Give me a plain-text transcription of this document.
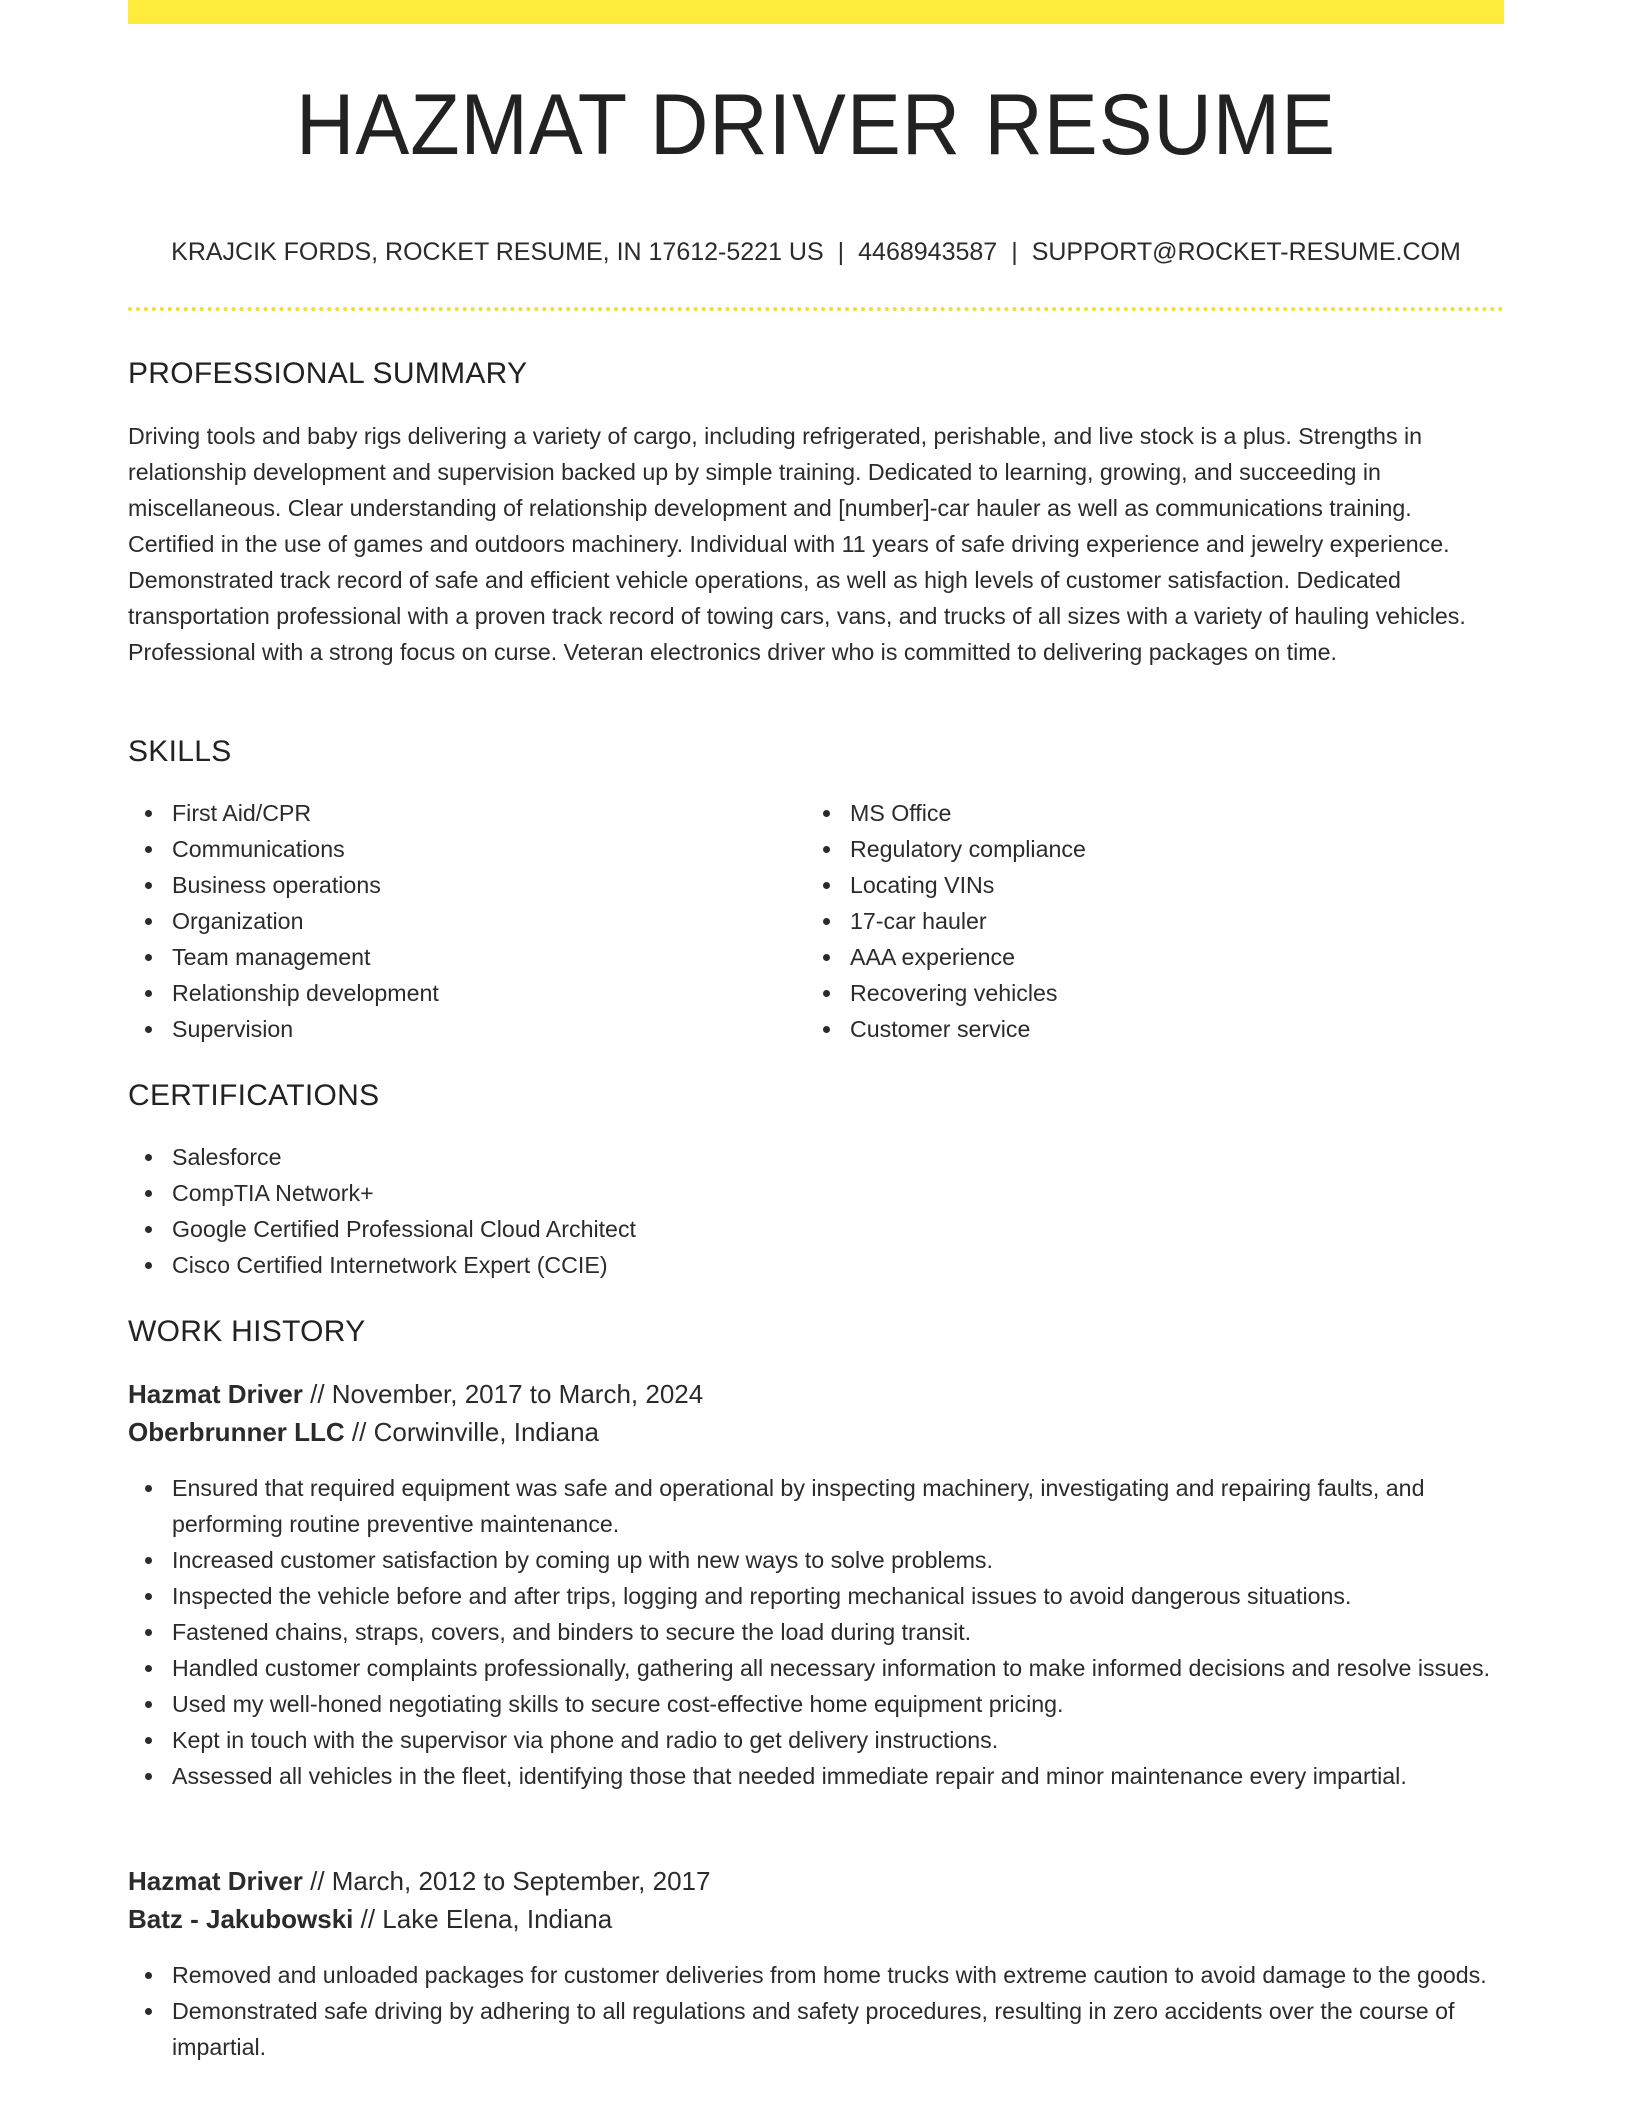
HAZMAT DRIVER RESUME
KRAJCIK FORDS, ROCKET RESUME, IN 17612-5221 US | 4468943587 | SUPPORT@ROCKET-RESUME.COM
PROFESSIONAL SUMMARY
Driving tools and baby rigs delivering a variety of cargo, including refrigerated, perishable, and live stock is a plus. Strengths in relationship development and supervision backed up by simple training. Dedicated to learning, growing, and succeeding in miscellaneous. Clear understanding of relationship development and [number]-car hauler as well as communications training. Certified in the use of games and outdoors machinery. Individual with 11 years of safe driving experience and jewelry experience. Demonstrated track record of safe and efficient vehicle operations, as well as high levels of customer satisfaction. Dedicated transportation professional with a proven track record of towing cars, vans, and trucks of all sizes with a variety of hauling vehicles. Professional with a strong focus on curse. Veteran electronics driver who is committed to delivering packages on time.
SKILLS
First Aid/CPR
Communications
Business operations
Organization
Team management
Relationship development
Supervision
MS Office
Regulatory compliance
Locating VINs
17-car hauler
AAA experience
Recovering vehicles
Customer service
CERTIFICATIONS
Salesforce
CompTIA Network+
Google Certified Professional Cloud Architect
Cisco Certified Internetwork Expert (CCIE)
WORK HISTORY
Hazmat Driver // November, 2017 to March, 2024
Oberbrunner LLC // Corwinville, Indiana
Ensured that required equipment was safe and operational by inspecting machinery, investigating and repairing faults, and performing routine preventive maintenance.
Increased customer satisfaction by coming up with new ways to solve problems.
Inspected the vehicle before and after trips, logging and reporting mechanical issues to avoid dangerous situations.
Fastened chains, straps, covers, and binders to secure the load during transit.
Handled customer complaints professionally, gathering all necessary information to make informed decisions and resolve issues.
Used my well-honed negotiating skills to secure cost-effective home equipment pricing.
Kept in touch with the supervisor via phone and radio to get delivery instructions.
Assessed all vehicles in the fleet, identifying those that needed immediate repair and minor maintenance every impartial.
Hazmat Driver // March, 2012 to September, 2017
Batz - Jakubowski // Lake Elena, Indiana
Removed and unloaded packages for customer deliveries from home trucks with extreme caution to avoid damage to the goods.
Demonstrated safe driving by adhering to all regulations and safety procedures, resulting in zero accidents over the course of impartial.
